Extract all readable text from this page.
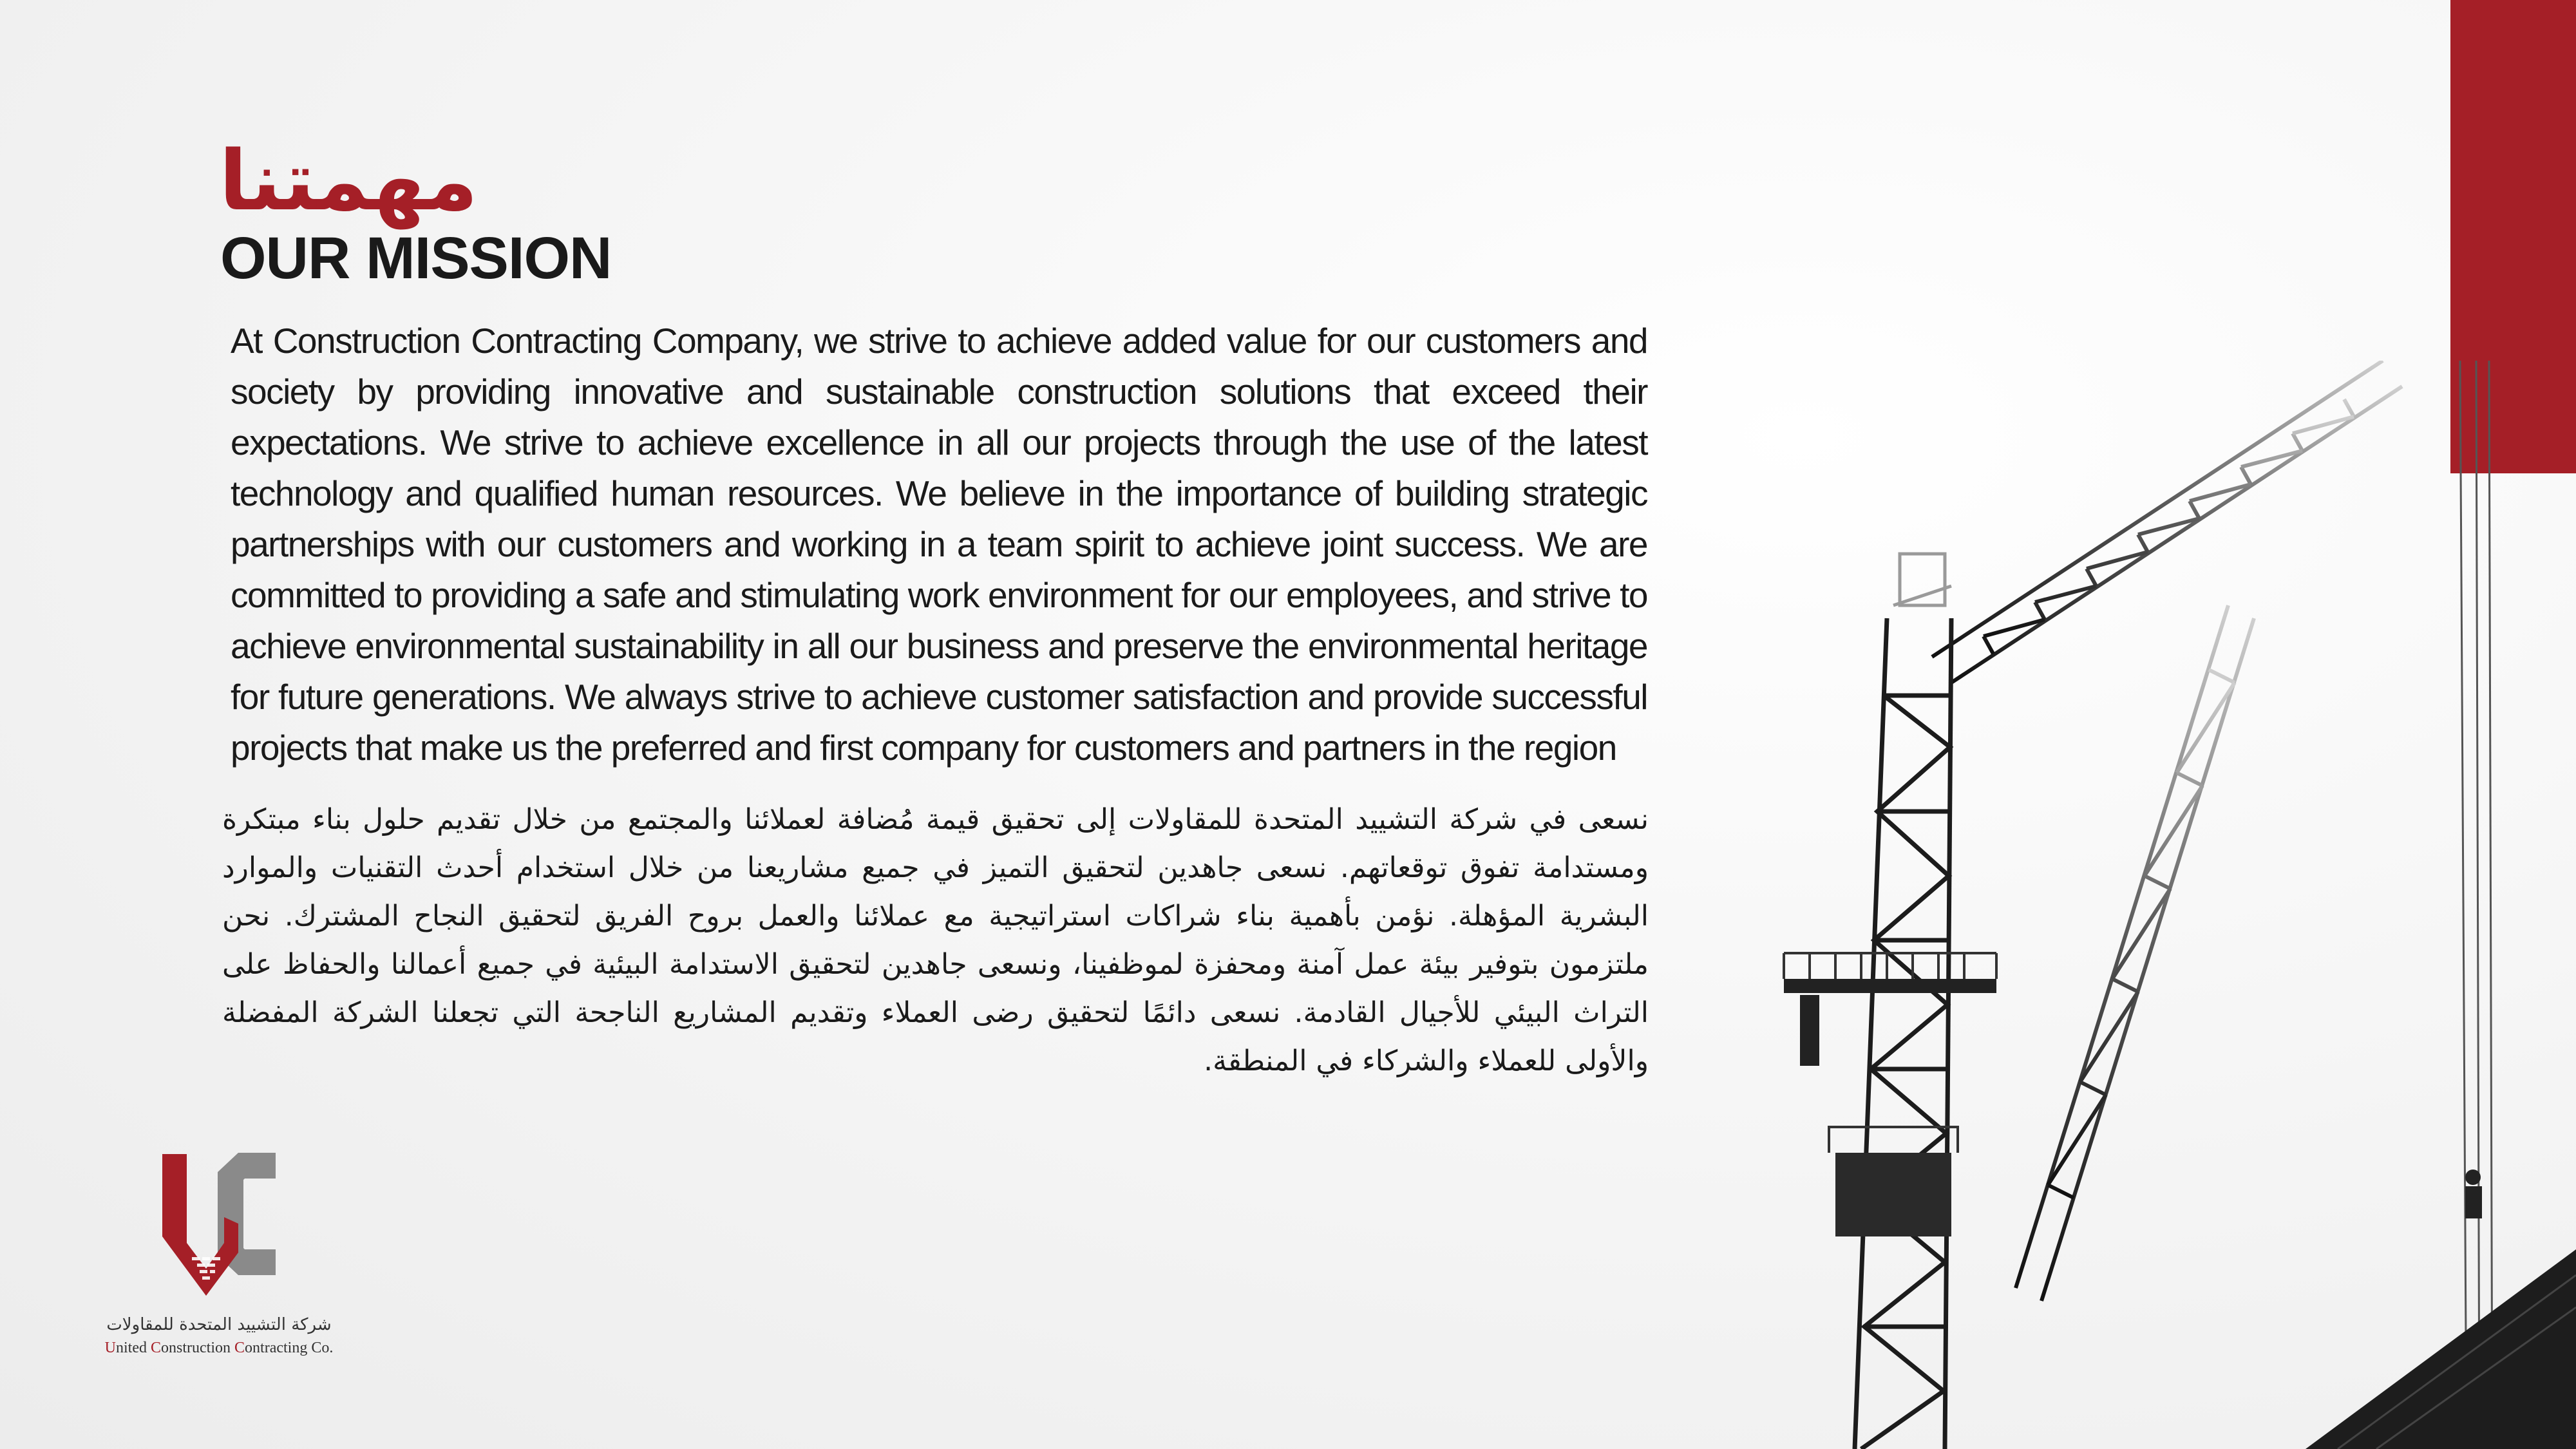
مهمتنا
OUR MISSION
At Construction Contracting Company, we strive to achieve added value for our customers and society by providing innovative and sustainable construction solutions that exceed their expectations. We strive to achieve excellence in all our projects through the use of the latest technology and qualified human resources. We believe in the importance of building strategic partnerships with our customers and working in a team spirit to achieve joint success. We are committed to providing a safe and stimulating work environment for our employees, and strive to achieve environmental sustainability in all our business and preserve the environmental heritage for future generations. We always strive to achieve customer satisfaction and provide successful projects that make us the preferred and first company for customers and partners in the region
نسعى في شركة التشييد المتحدة للمقاولات إلى تحقيق قيمة مُضافة لعملائنا والمجتمع من خلال تقديم حلول بناء مبتكرة ومستدامة تفوق توقعاتهم. نسعى جاهدين لتحقيق التميز في جميع مشاريعنا من خلال استخدام أحدث التقنيات والموارد البشرية المؤهلة. نؤمن بأهمية بناء شراكات استراتيجية مع عملائنا والعمل بروح الفريق لتحقيق النجاح المشترك. نحن ملتزمون بتوفير بيئة عمل آمنة ومحفزة لموظفينا، ونسعى جاهدين لتحقيق الاستدامة البيئية في جميع أعمالنا والحفاظ على التراث البيئي للأجيال القادمة. نسعى دائمًا لتحقيق رضى العملاء وتقديم المشاريع الناجحة التي تجعلنا الشركة المفضلة والأولى للعملاء والشركاء في المنطقة.
شركة التشييد المتحدة للمقاولات
United Construction Contracting Co.
